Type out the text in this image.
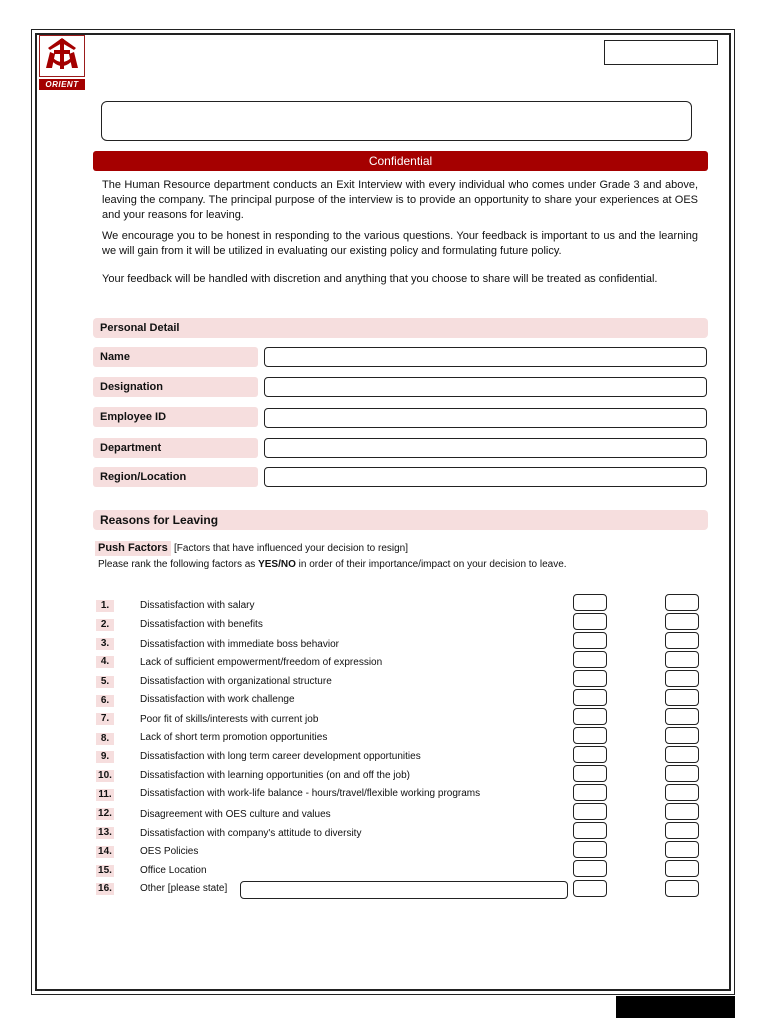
ORIENT
Confidential

The Human Resource department conducts an Exit Interview with every individual who comes under Grade 3 and above, leaving the company. The principal purpose of the interview is to provide an opportunity to share your experiences at OES and your reasons for leaving.

We encourage you to be honest in responding to the various questions. Your feedback is important to us and the learning we will gain from it will be utilized in evaluating our existing policy and formulating future policy.

Your feedback will be handled with discretion and anything that you choose to share will be treated as confidential.

Personal Detail
Name
Designation
Employee ID
Department
Region/Location
Reasons for Leaving
Push Factors [Factors that have influenced your decision to resign]
Please rank the following factors as YES/NO in order of their importance/impact on your decision to leave.
1.	Dissatisfaction with salary
2.	Dissatisfaction with benefits
3.	Dissatisfaction with immediate boss behavior
4.	Lack of sufficient empowerment/freedom of expression
5.	Dissatisfaction with organizational structure
6.	Dissatisfaction with work challenge
7.	Poor fit of skills/interests with current job
8.	Lack of short term promotion opportunities
9.	Dissatisfaction with long term career development opportunities
10.	Dissatisfaction with learning opportunities (on and off the job)
11.	Dissatisfaction with work-life balance - hours/travel/flexible working programs
12.	Disagreement with OES culture and values
13.	Dissatisfaction with company's attitude to diversity
14.	OES Policies
15.	Office Location
16.	Other [please state]
